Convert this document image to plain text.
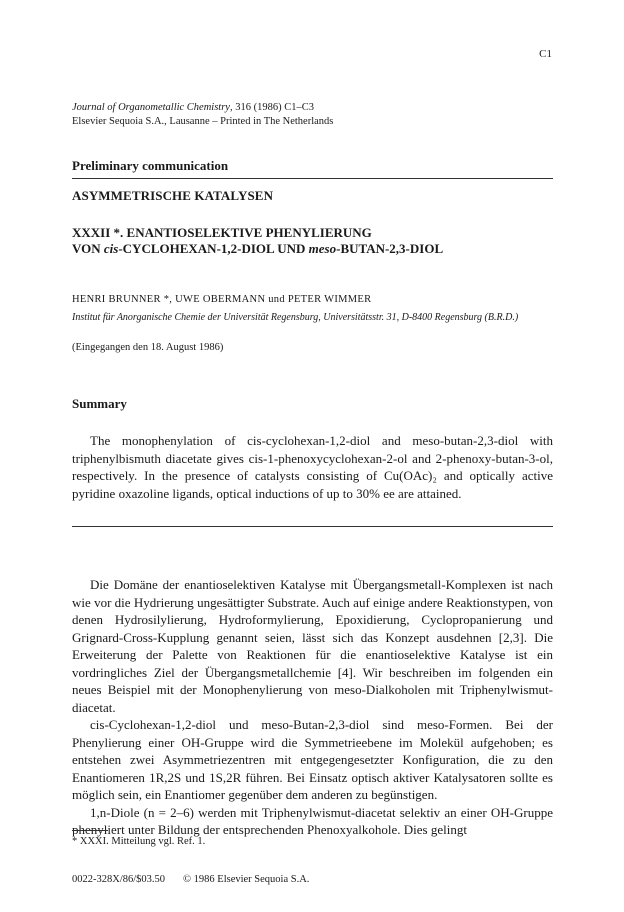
C1
Journal of Organometallic Chemistry, 316 (1986) C1–C3
Elsevier Sequoia S.A., Lausanne – Printed in The Netherlands
Preliminary communication
ASYMMETRISCHE KATALYSEN
XXXII *. ENANTIOSELEKTIVE PHENYLIERUNG
VON cis-CYCLOHEXAN-1,2-DIOL UND meso-BUTAN-2,3-DIOL
HENRI BRUNNER *, UWE OBERMANN und PETER WIMMER
Institut für Anorganische Chemie der Universität Regensburg, Universitätsstr. 31, D-8400 Regensburg (B.R.D.)
(Eingegangen den 18. August 1986)
Summary

The monophenylation of cis-cyclohexan-1,2-diol and meso-butan-2,3-diol with triphenylbismuth diacetate gives cis-1-phenoxycyclohexan-2-ol and 2-phenoxy-butan-3-ol, respectively. In the presence of catalysts consisting of Cu(OAc)₂ and optically active pyridine oxazoline ligands, optical inductions of up to 30% ee are attained.

Die Domäne der enantioselektiven Katalyse mit Übergangsmetall-Komplexen ist nach wie vor die Hydrierung ungesättigter Substrate. Auch auf einige andere Reaktionstypen, von denen Hydrosilylierung, Hydroformylierung, Epoxidierung, Cyclopropanierung und Grignard-Cross-Kupplung genannt seien, lässt sich das Konzept ausdehnen [2,3]. Die Erweiterung der Palette von Reaktionen für die enantioselektive Katalyse ist ein vordringliches Ziel der Übergangsmetallchemie [4]. Wir beschreiben im folgenden ein neues Beispiel mit der Monophenylierung von meso-Dialkoholen mit Triphenylwismut-diacetat.

cis-Cyclohexan-1,2-diol und meso-Butan-2,3-diol sind meso-Formen. Bei der Phenylierung einer OH-Gruppe wird die Symmetrieebene im Molekül aufgehoben; es entstehen zwei Asymmetriezentren mit entgegengesetzter Konfiguration, die zu den Enantiomeren 1R,2S und 1S,2R führen. Bei Einsatz optisch aktiver Katalysatoren sollte es möglich sein, ein Enantiomer gegenüber dem anderen zu begünstigen.

1,n-Diole (n = 2–6) werden mit Triphenylwismut-diacetat selektiv an einer OH-Gruppe phenyliert unter Bildung der entsprechenden Phenoxyalkohole. Dies gelingt

* XXXI. Mitteilung vgl. Ref. 1.
0022-328X/86/$03.50 © 1986 Elsevier Sequoia S.A.
